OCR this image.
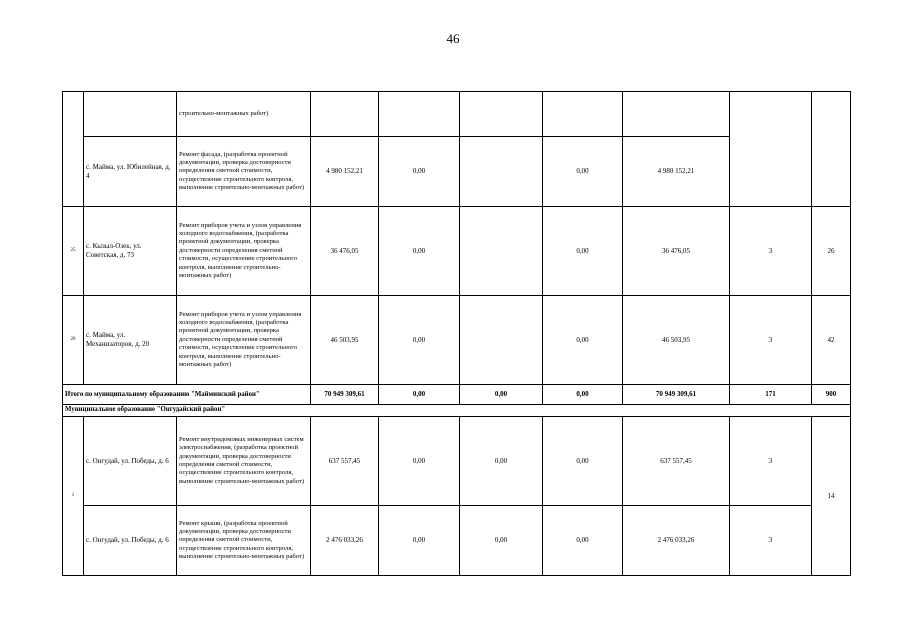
46
		строительно-монтажных работ)							
	с. Майма, ул. Юбилейная, д. 4	Ремонт фасада, (разработка проектной документации, проверка достоверности определения сметной стоимости, осуществление строительного контроля, выполнение строительно-монтажных работ)	4 980 152,21	0,00		0,00	4 980 152,21		
25	с. Кызыл-Озек, ул. Советская, д. 73	Ремонт приборов учета и узлов управления холодного водоснабжения, (разработка проектной документации, проверка достоверности определения сметной стоимости, осуществление строительного контроля, выполнение строительно-монтажных работ)	36 476,05	0,00		0,00	36 476,05	3	26
26	с. Майма, ул. Механизаторов, д. 20	Ремонт приборов учета и узлов управления холодного водоснабжения, (разработка проектной документации, проверка достоверности определения сметной стоимости, осуществление строительного контроля, выполнение строительно-монтажных работ)	46 503,95	0,00		0,00	46 503,95	3	42
Итого по муниципальному образованию "Майминский район"			70 949 309,61	0,00	0,00	0,00	70 949 309,61	171	900
Муниципальное образование "Онгудайский район"									
1	с. Онгудай, ул. Победы, д. 6	Ремонт внутридомовых инженерных систем электроснабжения, (разработка проектной документации, проверка достоверности определения сметной стоимости, осуществление строительного контроля, выполнение строительно-монтажных работ)	637 557,45	0,00	0,00	0,00	637 557,45	3	14
	с. Онгудай, ул. Победы, д. 6	Ремонт крыши, (разработка проектной документации, проверка достоверности определения сметной стоимости, осуществление строительного контроля, выполнение строительно-монтажных работ)	2 476 033,26	0,00	0,00	0,00	2 476 033,26	3	
